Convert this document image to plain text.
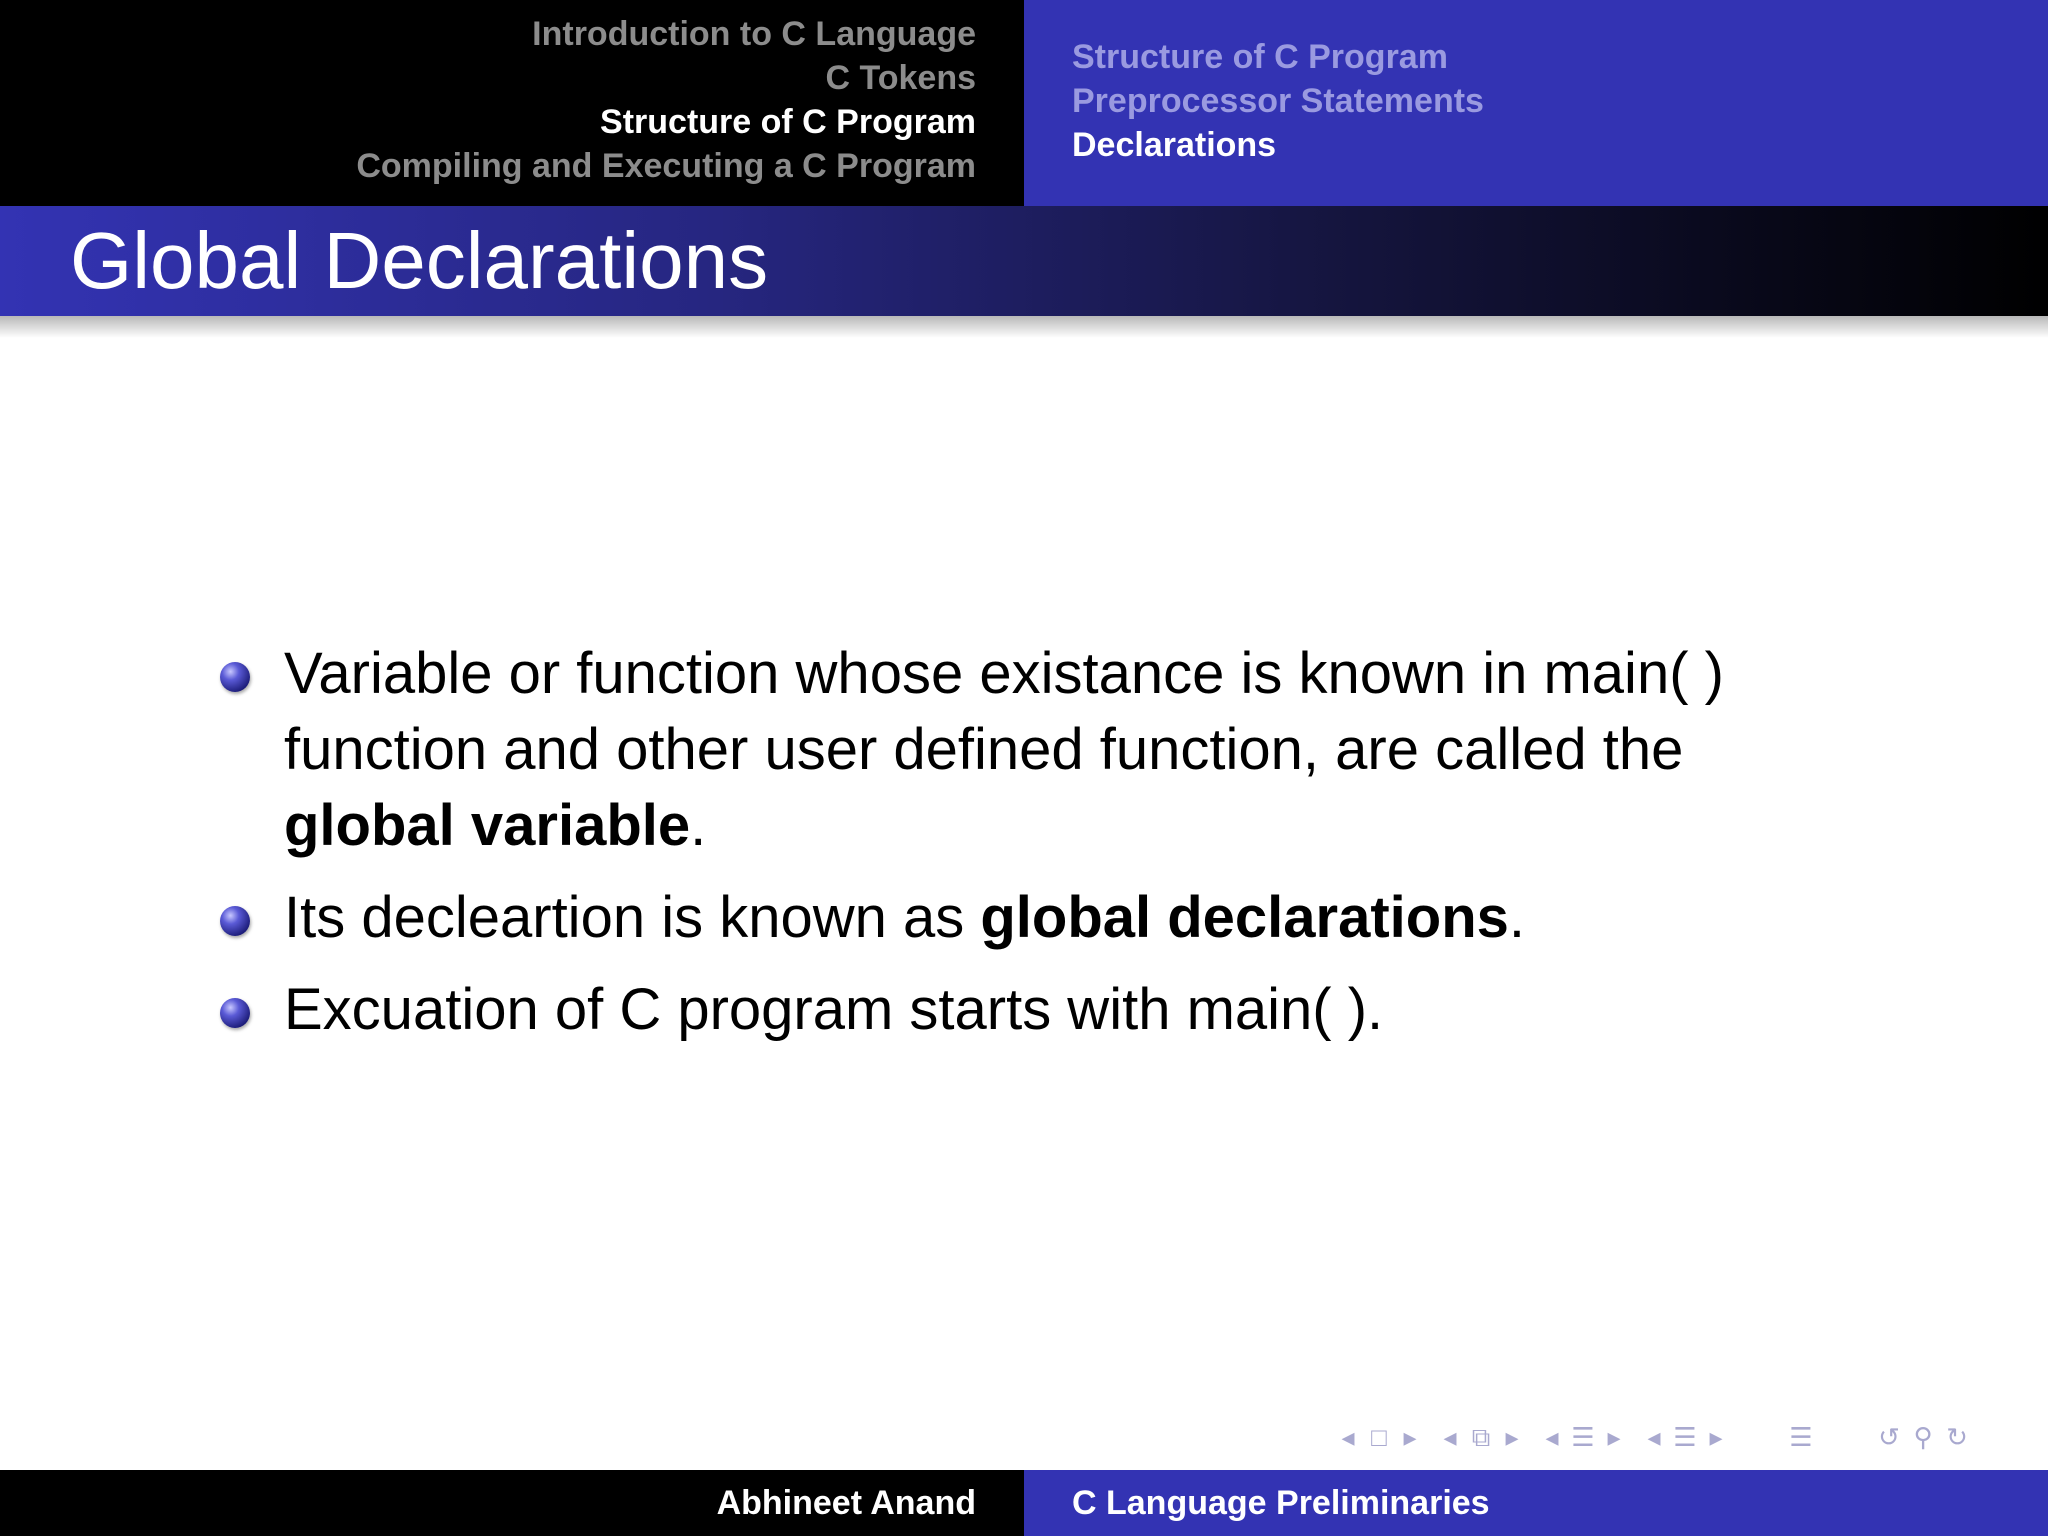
Introduction to C Language
C Tokens
Structure of C Program
Compiling and Executing a C Program
Structure of C Program
Preprocessor Statements
Declarations
Global Declarations
Variable or function whose existance is known in main( ) function and other user defined function, are called the global variable.
Its decleartion is known as global declarations.
Excuation of C program starts with main( ).
◂ □ ▸ ◂ ⧉ ▸ ◂ ☰ ▸ ◂ ☰ ▸	☰	↺ ⚲ ↻
Abhineet Anand	C Language Preliminaries
